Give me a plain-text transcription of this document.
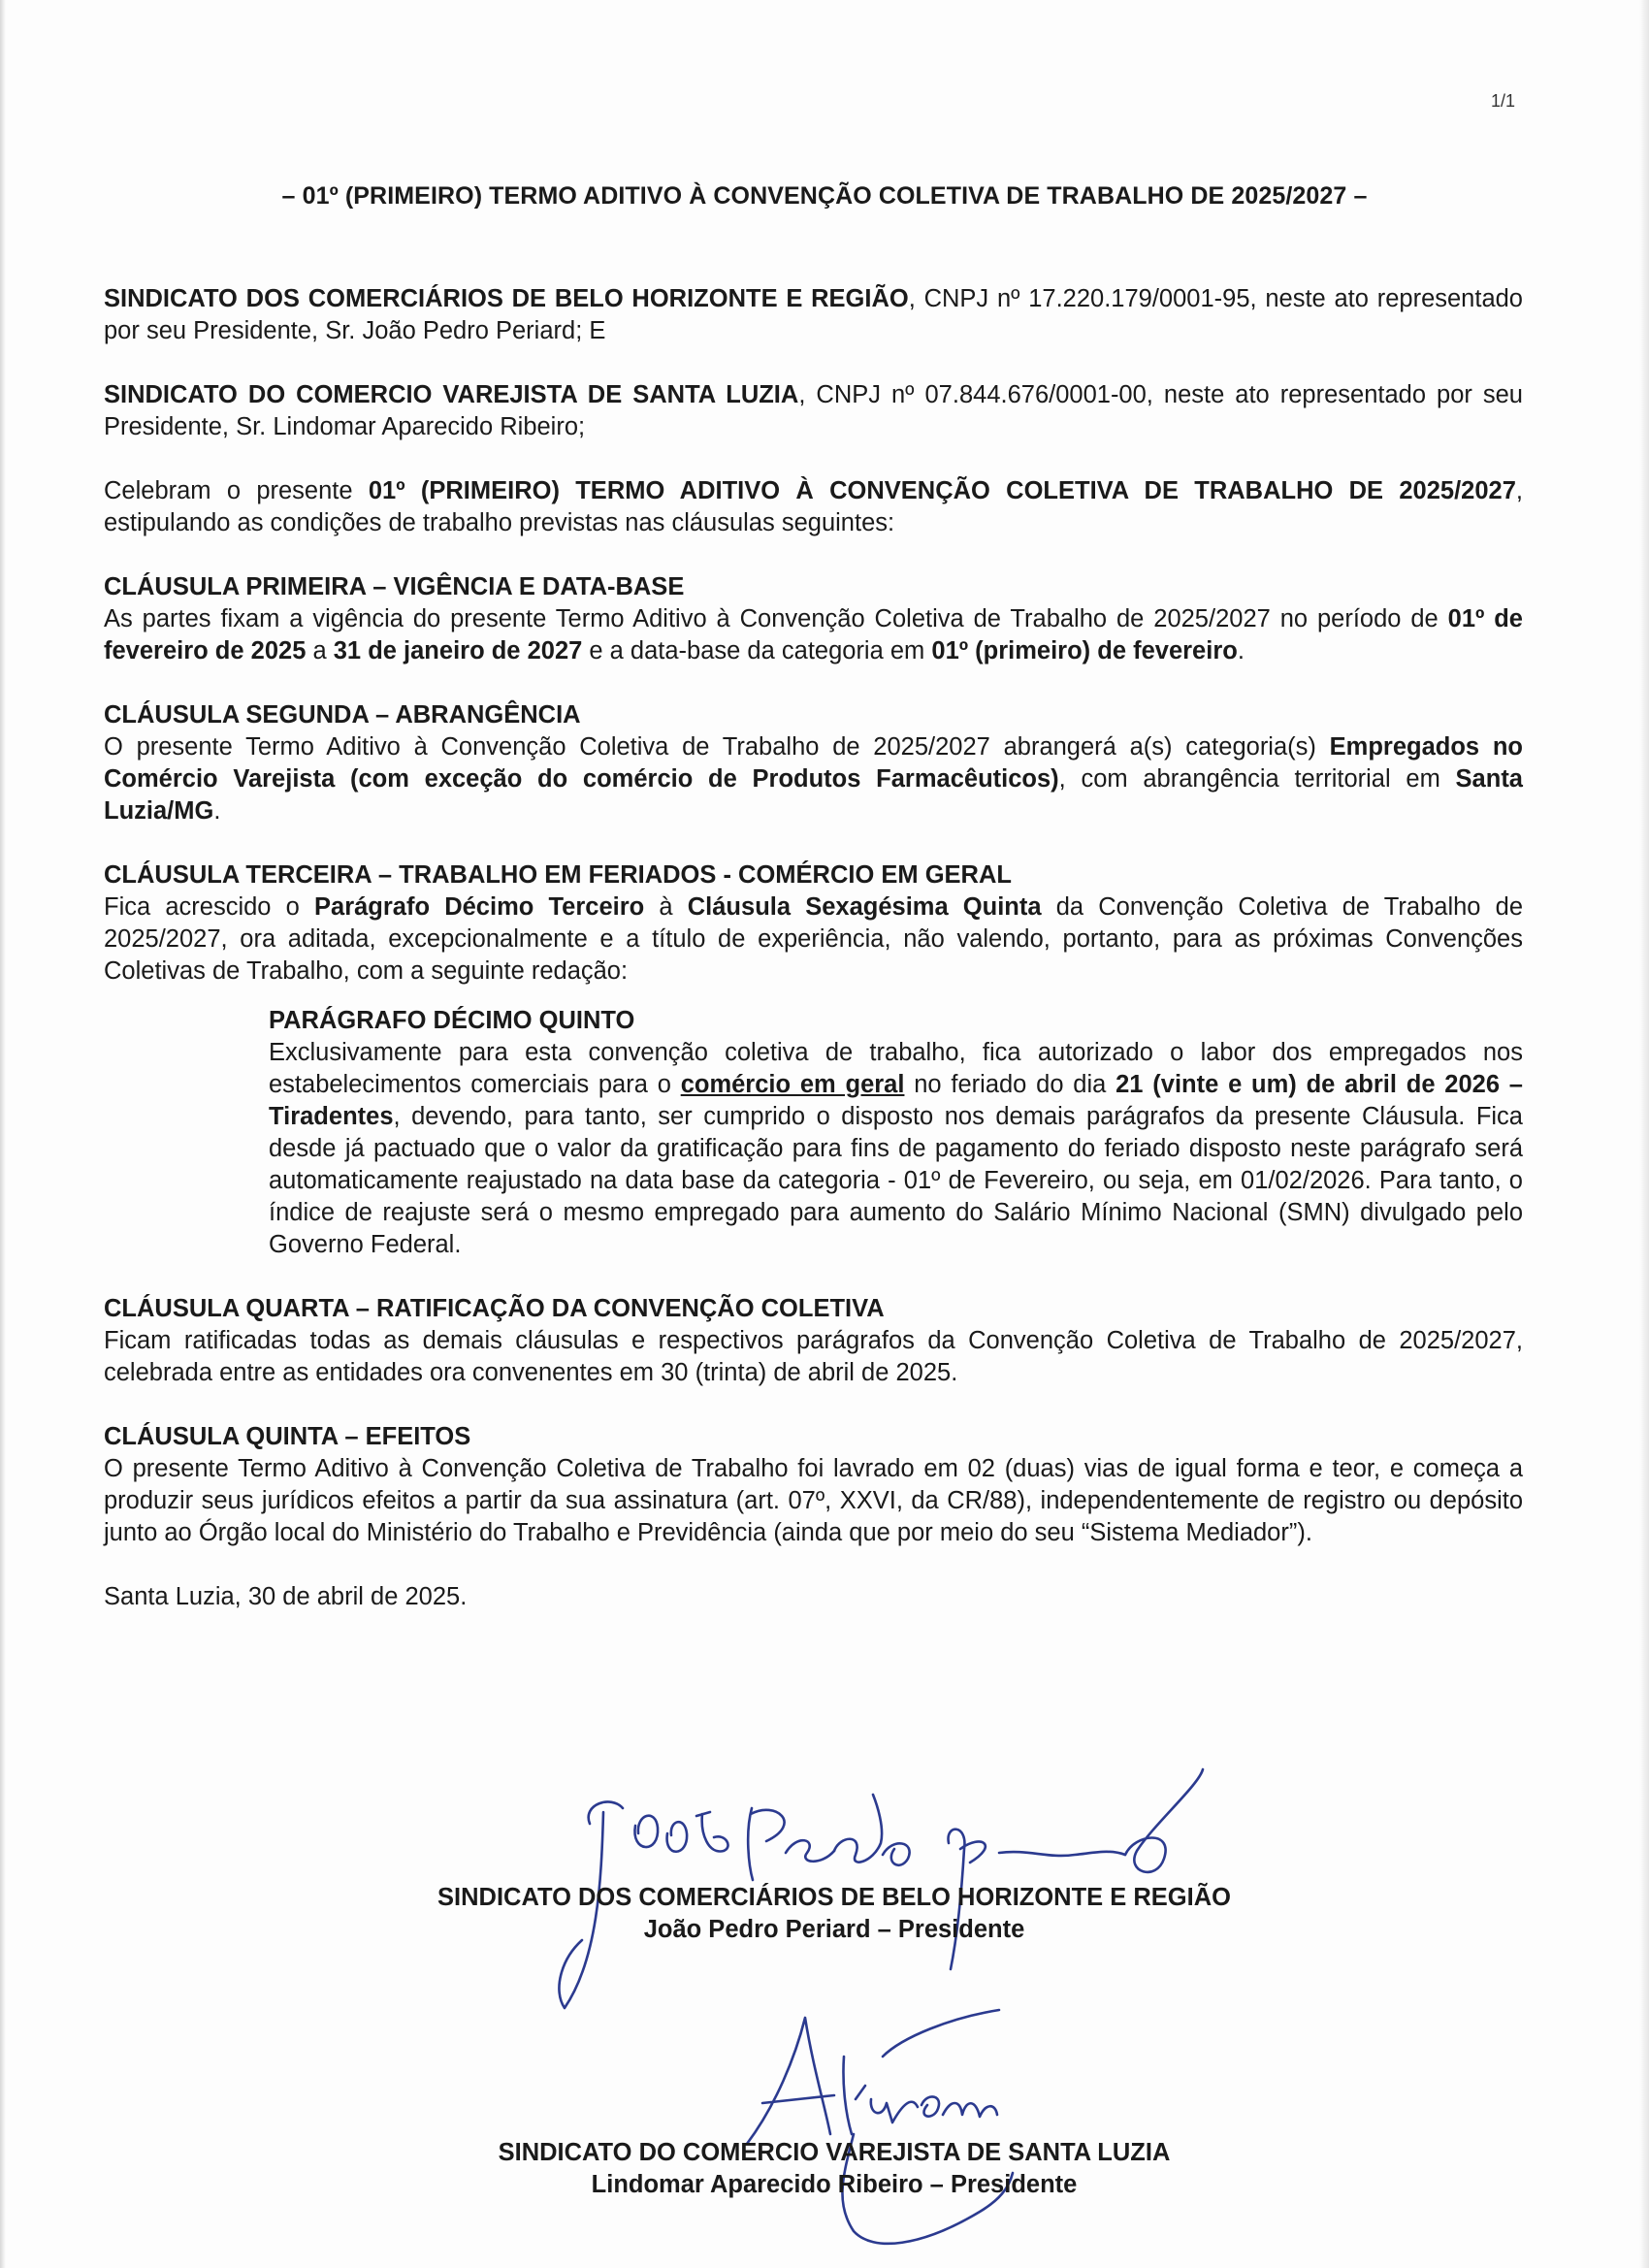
1/1
– 01º (PRIMEIRO) TERMO ADITIVO À CONVENÇÃO COLETIVA DE TRABALHO DE 2025/2027 –

SINDICATO DOS COMERCIÁRIOS DE BELO HORIZONTE E REGIÃO, CNPJ nº 17.220.179/0001-95, neste ato representado por seu Presidente, Sr. João Pedro Periard; E

SINDICATO DO COMERCIO VAREJISTA DE SANTA LUZIA, CNPJ nº 07.844.676/0001-00, neste ato representado por seu Presidente, Sr. Lindomar Aparecido Ribeiro;

Celebram o presente 01º (PRIMEIRO) TERMO ADITIVO À CONVENÇÃO COLETIVA DE TRABALHO DE 2025/2027, estipulando as condições de trabalho previstas nas cláusulas seguintes:

CLÁUSULA PRIMEIRA – VIGÊNCIA E DATA-BASE

As partes fixam a vigência do presente Termo Aditivo à Convenção Coletiva de Trabalho de 2025/2027 no período de 01º de fevereiro de 2025 a 31 de janeiro de 2027 e a data-base da categoria em 01º (primeiro) de fevereiro.

CLÁUSULA SEGUNDA – ABRANGÊNCIA

O presente Termo Aditivo à Convenção Coletiva de Trabalho de 2025/2027 abrangerá a(s) categoria(s) Empregados no Comércio Varejista (com exceção do comércio de Produtos Farmacêuticos), com abrangência territorial em Santa Luzia/MG.

CLÁUSULA TERCEIRA – TRABALHO EM FERIADOS - COMÉRCIO EM GERAL

Fica acrescido o Parágrafo Décimo Terceiro à Cláusula Sexagésima Quinta da Convenção Coletiva de Trabalho de 2025/2027, ora aditada, excepcionalmente e a título de experiência, não valendo, portanto, para as próximas Convenções Coletivas de Trabalho, com a seguinte redação:

PARÁGRAFO DÉCIMO QUINTO

Exclusivamente para esta convenção coletiva de trabalho, fica autorizado o labor dos empregados nos estabelecimentos comerciais para o comércio em geral no feriado do dia 21 (vinte e um) de abril de 2026 – Tiradentes, devendo, para tanto, ser cumprido o disposto nos demais parágrafos da presente Cláusula. Fica desde já pactuado que o valor da gratificação para fins de pagamento do feriado disposto neste parágrafo será automaticamente reajustado na data base da categoria - 01º de Fevereiro, ou seja, em 01/02/2026. Para tanto, o índice de reajuste será o mesmo empregado para aumento do Salário Mínimo Nacional (SMN) divulgado pelo Governo Federal.

CLÁUSULA QUARTA – RATIFICAÇÃO DA CONVENÇÃO COLETIVA

Ficam ratificadas todas as demais cláusulas e respectivos parágrafos da Convenção Coletiva de Trabalho de 2025/2027, celebrada entre as entidades ora convenentes em 30 (trinta) de abril de 2025.

CLÁUSULA QUINTA – EFEITOS

O presente Termo Aditivo à Convenção Coletiva de Trabalho foi lavrado em 02 (duas) vias de igual forma e teor, e começa a produzir seus jurídicos efeitos a partir da sua assinatura (art. 07º, XXVI, da CR/88), independentemente de registro ou depósito junto ao Órgão local do Ministério do Trabalho e Previdência (ainda que por meio do seu “Sistema Mediador”).

Santa Luzia, 30 de abril de 2025.

SINDICATO DOS COMERCIÁRIOS DE BELO HORIZONTE E REGIÃO
João Pedro Periard – Presidente
SINDICATO DO COMERCIO VAREJISTA DE SANTA LUZIA
Lindomar Aparecido Ribeiro – Presidente
